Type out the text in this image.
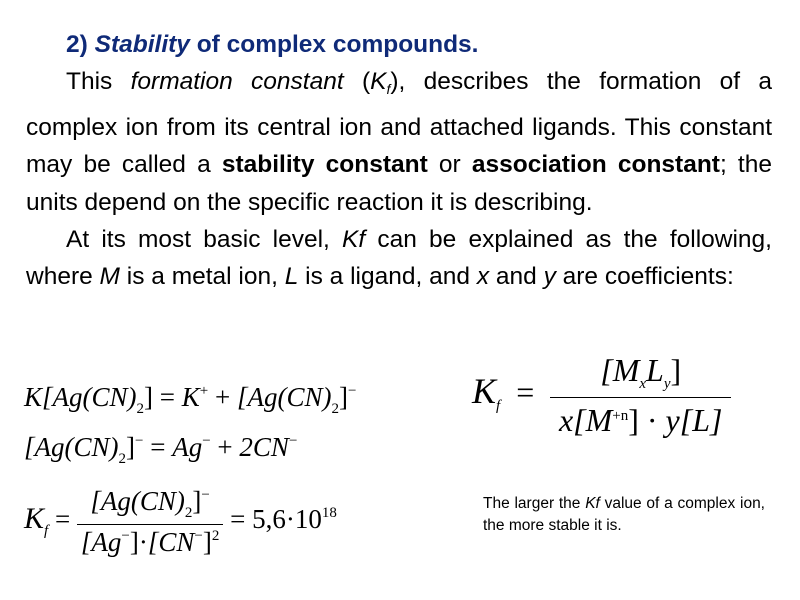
2) Stability of complex compounds.

This formation constant $(K_f)$, describes the formation of a complex ion from its central ion and attached ligands. This constant may be called a stability constant or association constant; the units depend on the specific reaction it is describing.

At its most basic level, Kf can be explained as the following, where M is a metal ion, L is a ligand, and x and y are coefficients:

$K[Ag(CN)_2] = K^+ + [Ag(CN)_2]^-$
$[Ag(CN)_2]^- = Ag^- + 2CN^-$
$K_f = \frac{[Ag(CN)_2]^-}{[Ag^-]\cdot[CN^-]^2} = 5,6\cdot 10^{18}$
$K_f = \frac{[M_xL_y]}{x[M^{+n}] \cdot y[L]}$

The larger the Kf value of a complex ion, the more stable it is.
